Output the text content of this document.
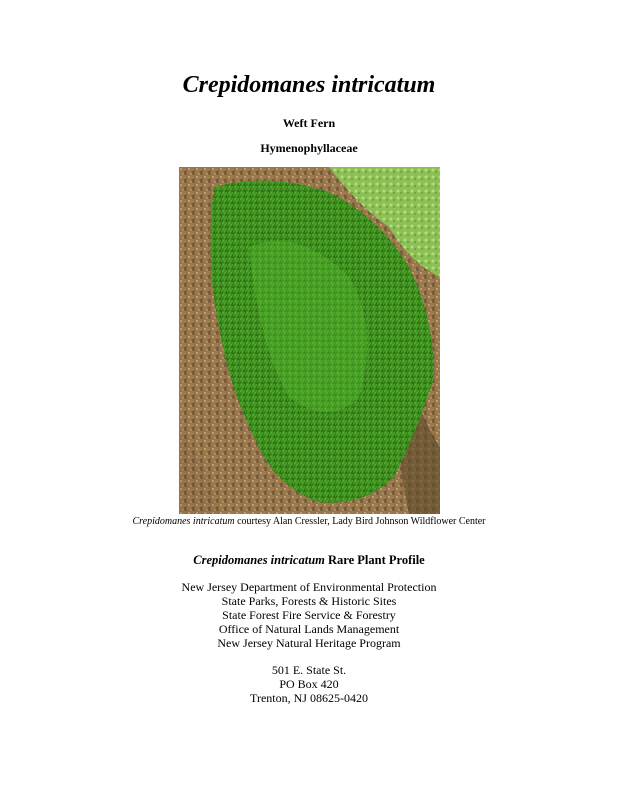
Crepidomanes intricatum
Weft Fern
Hymenophyllaceae
Crepidomanes intricatum courtesy Alan Cressler, Lady Bird Johnson Wildflower Center
Crepidomanes intricatum Rare Plant Profile
New Jersey Department of Environmental Protection
State Parks, Forests & Historic Sites
State Forest Fire Service & Forestry
Office of Natural Lands Management
New Jersey Natural Heritage Program
501 E. State St.
PO Box 420
Trenton, NJ 08625-0420
